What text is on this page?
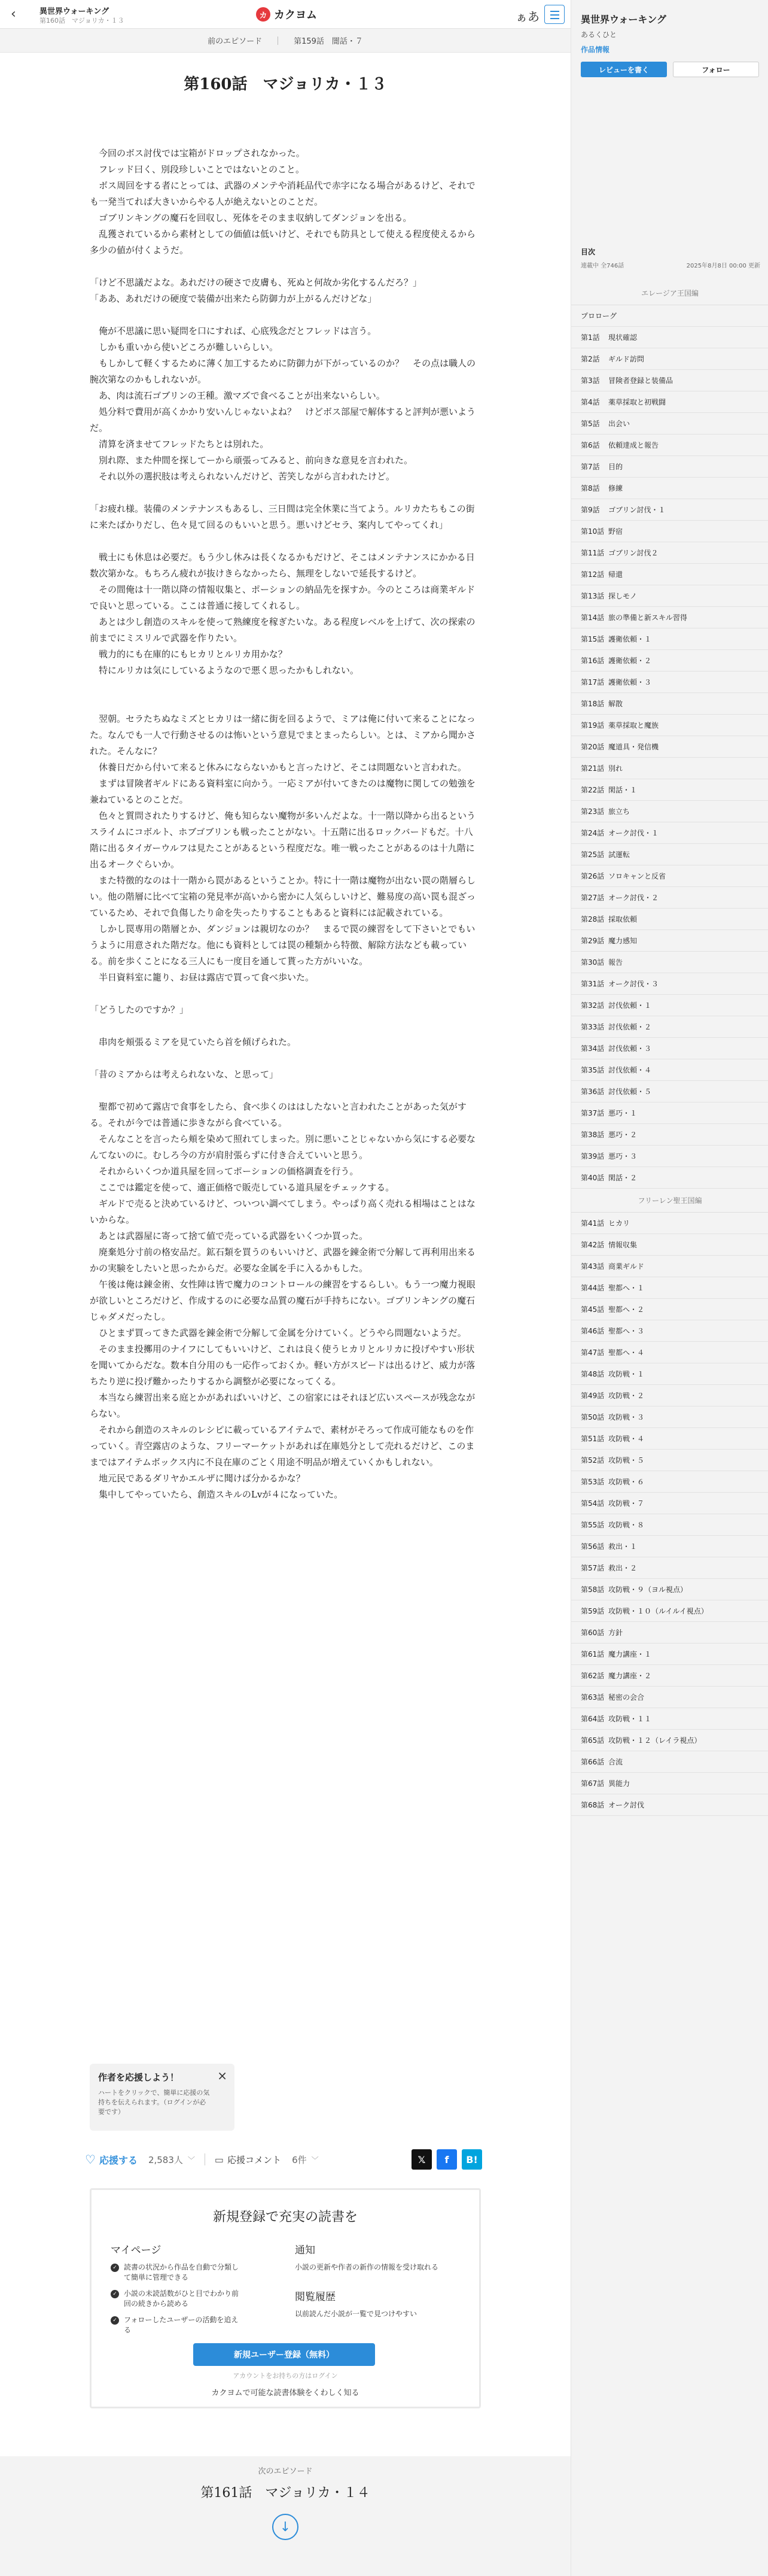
‹	異世界ウォーキング
第160話　マジョリカ・１３
カ カクヨム	ぁあ
前のエピソード	第159話　闇話・７
第160話　マジョリカ・１３

　今回のボス討伐では宝箱がドロップされなかった。

　フレッド曰く、別段珍しいことではないとのこと。

　ボス周回をする者にとっては、武器のメンテや消耗品代で赤字になる場合があるけど、それでも一発当てれば大きいからやる人が絶えないとのことだ。

　ゴブリンキングの魔石を回収し、死体をそのまま収納してダンジョンを出る。

　乱獲されているから素材としての価値は低いけど、それでも防具として使える程度使えるから多少の値が付くようだ。

「けど不思議だよな。あれだけの硬さで皮膚も、死ぬと何故か劣化するんだろ？」

「ああ、あれだけの硬度で装備が出来たら防御力が上がるんだけどな」

　俺が不思議に思い疑問を口にすれば、心底残念だとフレッドは言う。

　しかも重いから使いどころが難しいらしい。

　もしかして軽くするために薄く加工するために防御力が下がっているのか？　その点は職人の腕次第なのかもしれないが。

　あ、肉は流石ゴブリンの王種。激マズで食べることが出来ないらしい。

　処分料で費用が高くかかり安いんじゃないよね？　けどボス部屋で解体すると評判が悪いようだ。

　清算を済ませてフレッドたちとは別れた。

　別れ際、また仲間を探してーから頑張ってみると、前向きな意見を言われた。

　それ以外の選択肢は考えられないんだけど、苦笑しながら言われたけど。

「お疲れ様。装備のメンテナンスもあるし、三日間は完全休業に当てよう。ルリカたちもこの街に来たばかりだし、色々見て回るのもいいと思う。悪いけどセラ、案内してやってくれ」

　戦士にも休息は必要だ。もう少し休みは長くなるかもだけど、そこはメンテナンスにかかる日数次第かな。もちろん疲れが抜けきらなかったら、無理をしないで延長するけど。

　その間俺は十一階以降の情報収集と、ポーションの納品先を探すか。今のところは商業ギルドで良いと思っている。ここは普通に接してくれるし。

　あとは少し創造のスキルを使って熟練度を稼ぎたいな。ある程度レベルを上げて、次の探索の前までにミスリルで武器を作りたい。

　戦力的にも在庫的にもヒカリとルリカ用かな？

　特にルリカは気にしているようなので悪く思ったかもしれない。

　翌朝。セラたちぬなミズとヒカリは一緒に街を回るようで、ミアは俺に付いて来ることになった。なんでも一人で行動させるのは怖いという意見でまとまったらしい。とは、ミアから聞かされた。そんなに？

　休養日だから付いて来ると休みにならないかもと言ったけど、そこは問題ないと言われた。

　まずは冒険者ギルドにある資料室に向かう。一応ミアが付いてきたのは魔物に関しての勉強を兼ねているとのことだ。

　色々と質問されたりするけど、俺も知らない魔物が多いんだよな。十一階以降から出るというスライムにコボルト、ホブゴブリンも戦ったことがない。十五階に出るロックバードもだ。十八階に出るタイガーウルフは見たことがあるという程度だな。唯一戦ったことがあるのは十九階に出るオークぐらいか。

　また特徴的なのは十一階から罠があるということか。特に十一階は魔物が出ない罠の階層らしい。他の階層に比べて宝箱の発見率が高いから密かに人気らしいけど、難易度の高い罠も混ざっているため、それで負傷したり命を失ったりすることもあると資料には記載されている。

　しかし罠専用の階層とか、ダンジョンは親切なのか？　まるで罠の練習をして下さいとでもいうように用意された階だな。他にも資料としては罠の種類から特徴、解除方法なども載っている。前を歩くことになる三人にも一度目を通して貰った方がいいな。

　半日資料室に籠り、お昼は露店で買って食べ歩いた。

「どうしたのですか？」

　串肉を頬張るミアを見ていたら首を傾げられた。

「昔のミアからは考えられないな、と思って」

　聖都で初めて露店で食事をしたら、食べ歩くのははしたないと言われたことがあった気がする。それが今では普通に歩きながら食べている。

　そんなことを言ったら頬を染めて照れてしまった。別に悪いことじゃないから気にする必要なんてないのに。むしろ今の方が肩肘張らずに付き合えていいと思う。

　それからいくつか道具屋を回ってポーションの価格調査を行う。

　ここでは鑑定を使って、適正価格で販売している道具屋をチェックする。

　ギルドで売ると決めているけど、ついつい調べてしまう。やっぱり高く売れる相場はことはないからな。

　あとは武器屋に寄って捨て値で売っている武器をいくつか買った。

　廃棄処分寸前の格安品だ。鉱石類を買うのもいいけど、武器を錬金術で分解して再利用出来るかの実験をしたいと思ったからだ。必要な金属を手に入るかもした。

　午後は俺は錬金術、女性陣は皆で魔力のコントロールの練習をするらしい。もう一つ魔力視眼が欲しいところだけど、作成するのに必要な品質の魔石が手持ちにない。ゴブリンキングの魔石じゃダメだったし。

　ひとまず買ってきた武器を錬金術で分解して金属を分けていく。どうやら問題ないようだ。

　そのまま投擲用のナイフにしてもいいけど、これは良く使うヒカリとルリカに投げやすい形状を聞いてからだな。数本自分用のも一応作っておくか。軽い方がスピードは出るけど、威力が落ちたり逆に投げ難かったりするから調整が必要になってくる。

　本当なら練習出来る庭とかがあればいいけど、この宿家にはそれほど広いスペースが残念ながらない。

　それから創造のスキルのレシピに載っているアイテムで、素材がそろって作成可能なものを作っていく。青空露店のような、フリーマーケットがあれば在庫処分として売れるだけど、このままではアイテムボックス内に不良在庫のごとく用途不明品が増えていくかもしれない。

　地元民であるダリヤかエルザに聞けば分かるかな？

　集中してやっていたら、創造スキルのLvが４になっていた。

作者を応援しよう！
ハートをクリックで、簡単に応援の気持ちを伝えられます。（ログインが必要です）
×
♡ 応援する 2,583人 ﹀ ▭ 応援コメント 6件 ﹀	𝕏	f	B!
新規登録で充実の読書を
マイページ
✓ 読書の状況から作品を自動で分類して簡単に管理できる
✓ 小説の未読話数がひと目でわかり前回の続きから読める
✓ フォローしたユーザーの活動を追える
通知
小説の更新や作者の新作の情報を受け取れる
閲覧履歴
以前読んだ小説が一覧で見つけやすい
新規ユーザー登録（無料）
アカウントをお持ちの方はログイン
カクヨムで可能な読書体験をくわしく知る
次のエピソード
第161話　マジョリカ・１４
↓
異世界ウォーキング
あるくひと
作品情報
レビューを書く	フォロー
目次
連載中 全746話	2025年8月8日 00:00 更新
エレージア王国編
プロローグ
第1話	現状確認
第2話	ギルド訪問
第3話	冒険者登録と装備品
第4話	薬草採取と初戦闘
第5話	出会い
第6話	依頼達成と報告
第7話	目的
第8話	修練
第9話	ゴブリン討伐・１
第10話 野宿
第11話 ゴブリン討伐２
第12話 帰還
第13話 探しモノ
第14話 旅の準備と新スキル習得
第15話 護衛依頼・１
第16話 護衛依頼・２
第17話 護衛依頼・３
第18話 解散
第19話 薬草採取と魔族
第20話 魔道具・発信機
第21話 別れ
第22話 閑話・１
第23話 旅立ち
第24話 オーク討伐・１
第25話 試運転
第26話 ソロキャンと反省
第27話 オーク討伐・２
第28話 採取依頼
第29話 魔力感知
第30話 報告
第31話 オーク討伐・３
第32話 討伐依頼・１
第33話 討伐依頼・２
第34話 討伐依頼・３
第35話 討伐依頼・４
第36話 討伐依頼・５
第37話 悪巧・１
第38話 悪巧・２
第39話 悪巧・３
第40話 閑話・２
フリーレン聖王国編
第41話 ヒカリ
第42話 情報収集
第43話 商業ギルド
第44話 聖都へ・１
第45話 聖都へ・２
第46話 聖都へ・３
第47話 聖都へ・４
第48話 攻防戦・１
第49話 攻防戦・２
第50話 攻防戦・３
第51話 攻防戦・４
第52話 攻防戦・５
第53話 攻防戦・６
第54話 攻防戦・７
第55話 攻防戦・８
第56話 救出・１
第57話 救出・２
第58話 攻防戦・９（ヨル視点）
第59話 攻防戦・１０（ルイルイ視点）
第60話 方針
第61話 魔力講座・１
第62話 魔力講座・２
第63話 秘密の会合
第64話 攻防戦・１１
第65話 攻防戦・１２（レイラ視点）
第66話 合流
第67話 異能力
第68話 オーク討伐
